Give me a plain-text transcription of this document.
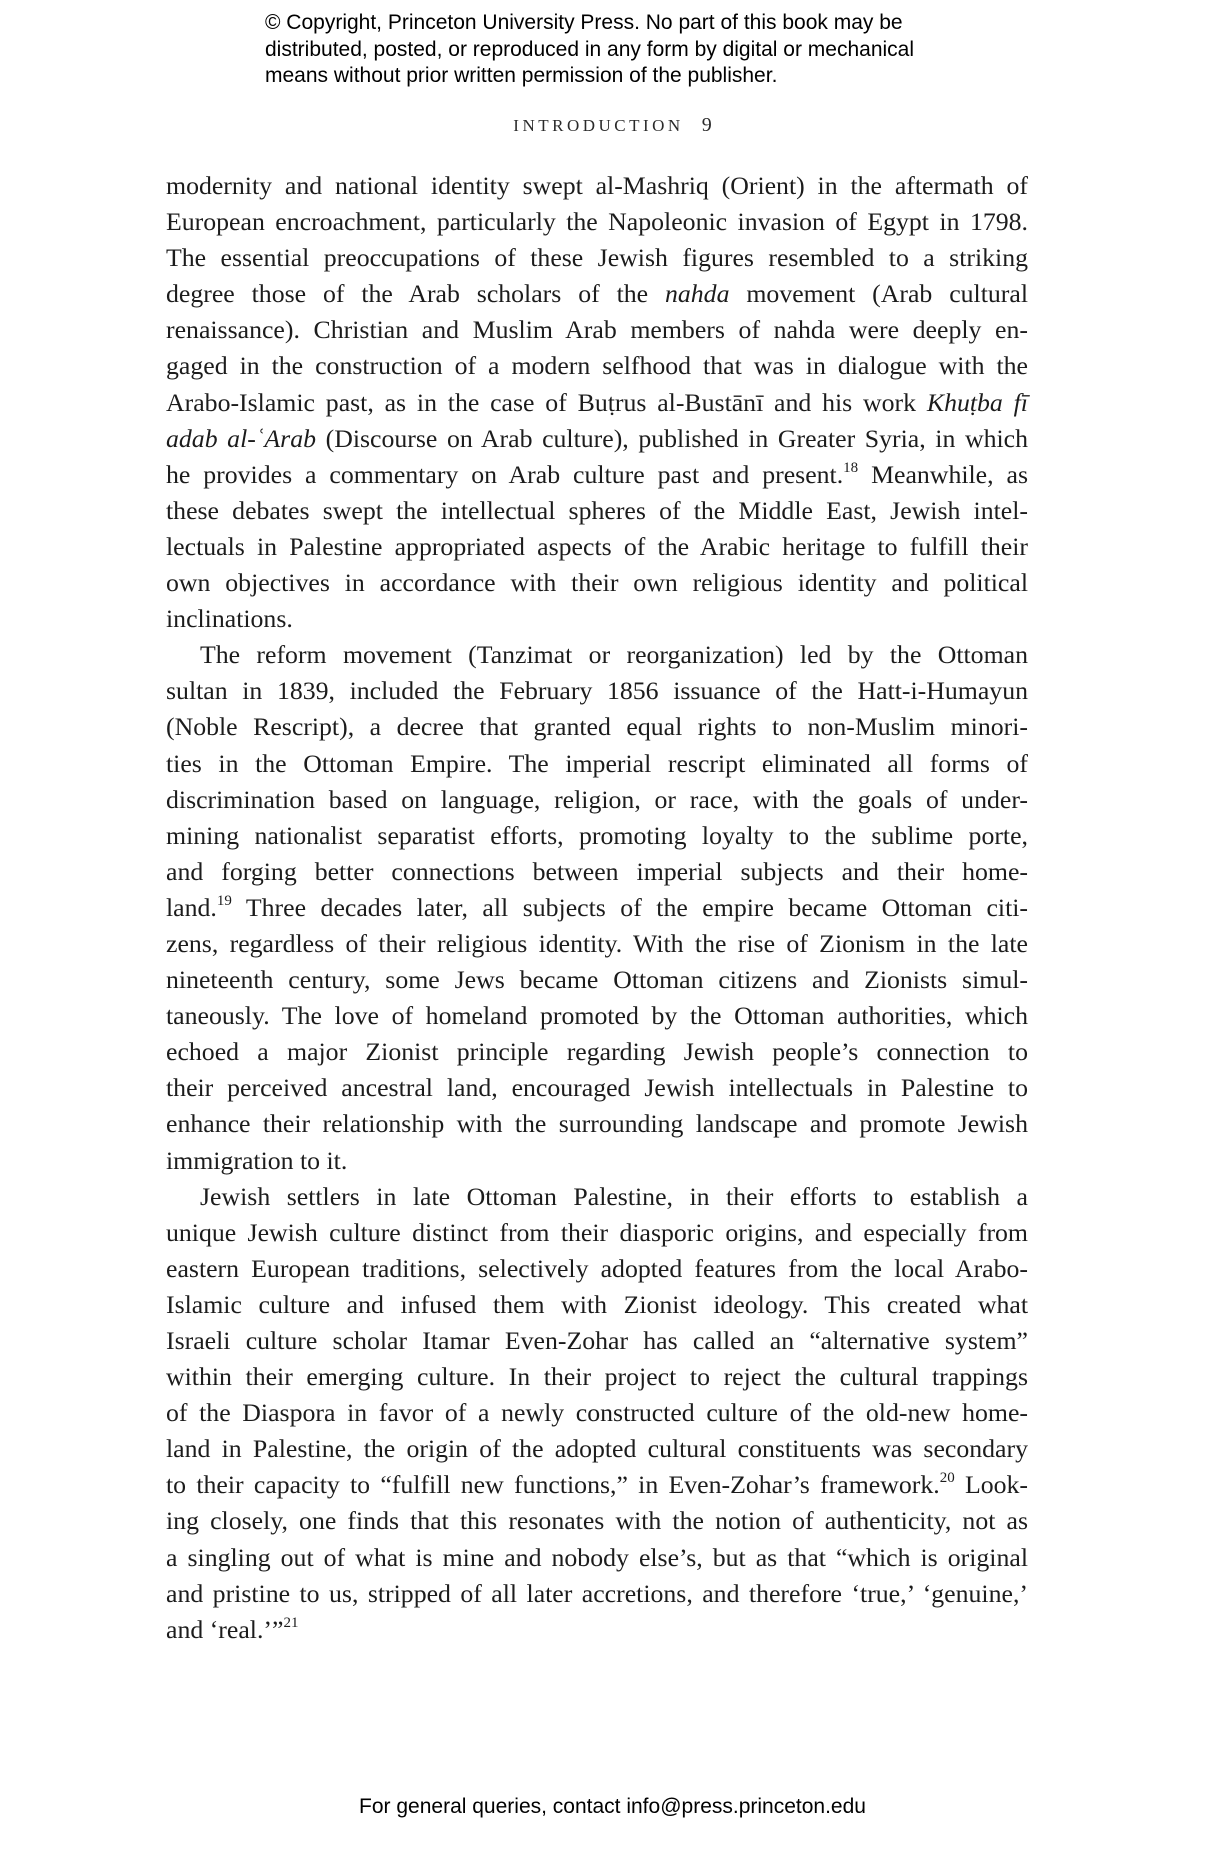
© Copyright, Princeton University Press. No part of this book may be
distributed, posted, or reproduced in any form by digital or mechanical
means without prior written permission of the publisher.
INTRODUCTION 9
modernity and national identity swept al-Mashriq (Orient) in the aftermath of
European encroachment, particularly the Napoleonic invasion of Egypt in 1798.
The essential preoccupations of these Jewish figures resembled to a striking
degree those of the Arab scholars of the nahda movement (Arab cultural
renaissance). Christian and Muslim Arab members of nahda were deeply en-
gaged in the construction of a modern selfhood that was in dialogue with the
Arabo-Islamic past, as in the case of Buṭrus al-Bustānī and his work Khuṭba fī
adab al-ʿArab (Discourse on Arab culture), published in Greater Syria, in which
he provides a commentary on Arab culture past and present.$^{18}$ Meanwhile, as
these debates swept the intellectual spheres of the Middle East, Jewish intel-
lectuals in Palestine appropriated aspects of the Arabic heritage to fulfill their
own objectives in accordance with their own religious identity and political
inclinations.
The reform movement (Tanzimat or reorganization) led by the Ottoman
sultan in 1839, included the February 1856 issuance of the Hatt-i-Humayun
(Noble Rescript), a decree that granted equal rights to non-Muslim minori-
ties in the Ottoman Empire. The imperial rescript eliminated all forms of
discrimination based on language, religion, or race, with the goals of under-
mining nationalist separatist efforts, promoting loyalty to the sublime porte,
and forging better connections between imperial subjects and their home-
land.$^{19}$ Three decades later, all subjects of the empire became Ottoman citi-
zens, regardless of their religious identity. With the rise of Zionism in the late
nineteenth century, some Jews became Ottoman citizens and Zionists simul-
taneously. The love of homeland promoted by the Ottoman authorities, which
echoed a major Zionist principle regarding Jewish people’s connection to
their perceived ancestral land, encouraged Jewish intellectuals in Palestine to
enhance their relationship with the surrounding landscape and promote Jewish
immigration to it.
Jewish settlers in late Ottoman Palestine, in their efforts to establish a
unique Jewish culture distinct from their diasporic origins, and especially from
eastern European traditions, selectively adopted features from the local Arabo-
Islamic culture and infused them with Zionist ideology. This created what
Israeli culture scholar Itamar Even-Zohar has called an “alternative system”
within their emerging culture. In their project to reject the cultural trappings
of the Diaspora in favor of a newly constructed culture of the old-new home-
land in Palestine, the origin of the adopted cultural constituents was secondary
to their capacity to “fulfill new functions,” in Even-Zohar’s framework.$^{20}$ Look-
ing closely, one finds that this resonates with the notion of authenticity, not as
a singling out of what is mine and nobody else’s, but as that “which is original
and pristine to us, stripped of all later accretions, and therefore ‘true,’ ‘genuine,’
and ‘real.’”$^{21}$
For general queries, contact info@press.princeton.edu
